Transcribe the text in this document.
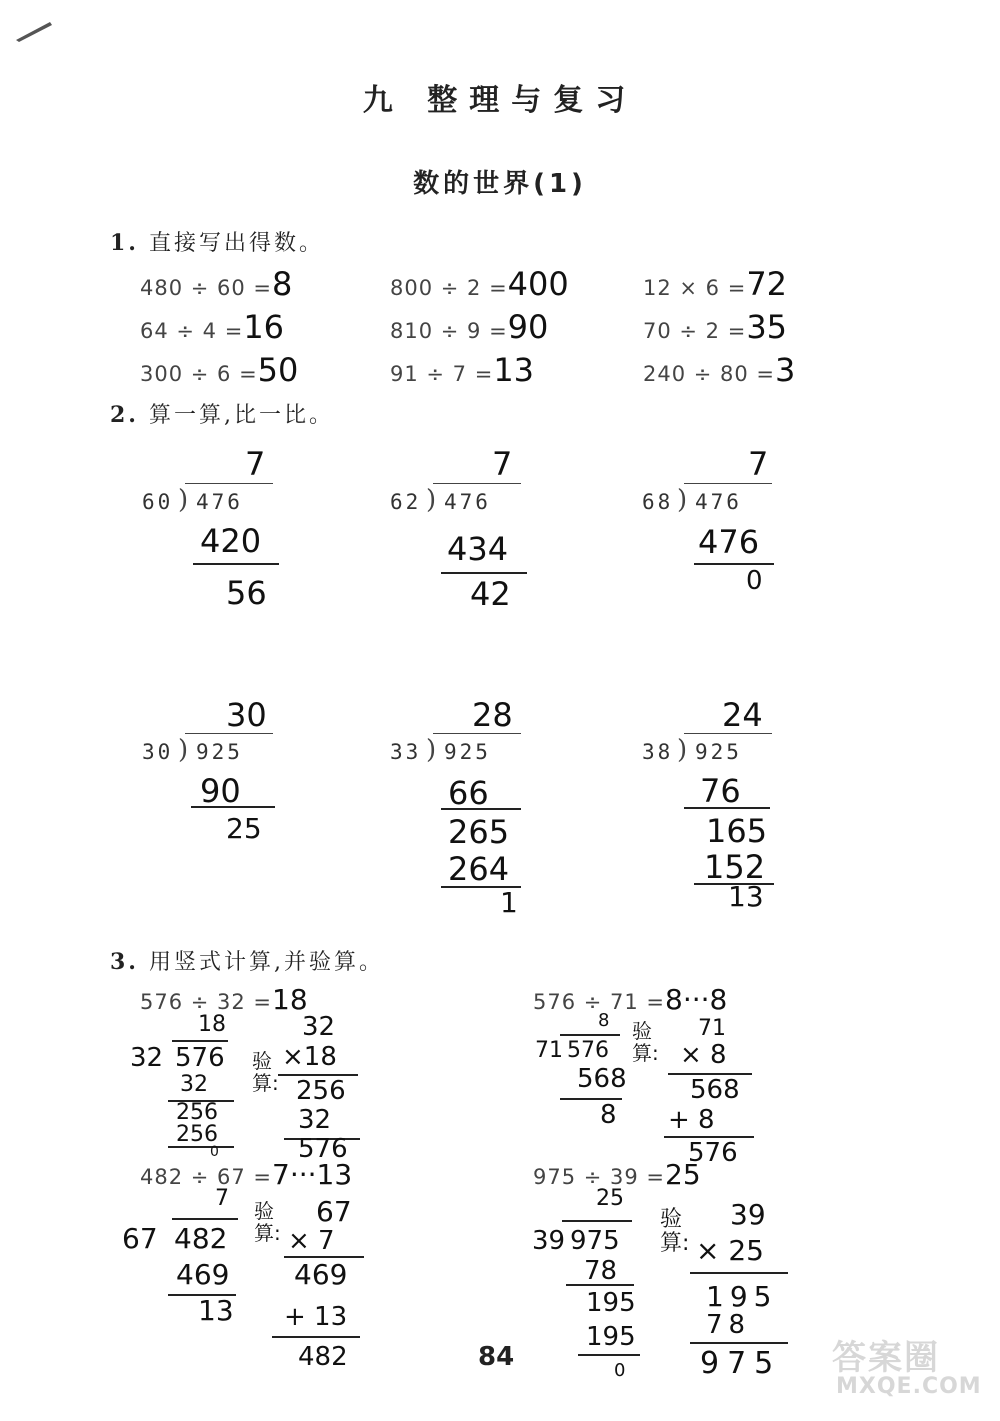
九 整理与复习
数的世界(1)
1. 直接写出得数。
480 ÷ 60 =8	800 ÷ 2 =400	12 × 6 =72
64 ÷ 4 =16	810 ÷ 9 =90	70 ÷ 2 =35
300 ÷ 6 =50	91 ÷ 7 =13	240 ÷ 80 =3
2. 算一算,比一比。
7
60 ) 476
420
56
7
62 ) 476
434
42
7
68 ) 476
476
0
30
30 ) 925
90
25
28
33 ) 925
66
265
264
1
24
38 ) 925
76
165
152
13
3. 用竖式计算,并验算。
576 ÷ 32 =18
18
32 576
32
256
256
0
验算:
32
×18
256
32
576
576 ÷ 71 =8···8
8
71 576
568
8
验算:
71
× 8
568
+ 8
576
482 ÷ 67 =7···13
7
67 482
469
13
验算:
67
× 7
469
+ 13
482
975 ÷ 39 =25
25
39 975
78
195
195
0
验算:
39
× 25
195
78
975
84	答案圈
MXQE.COM
